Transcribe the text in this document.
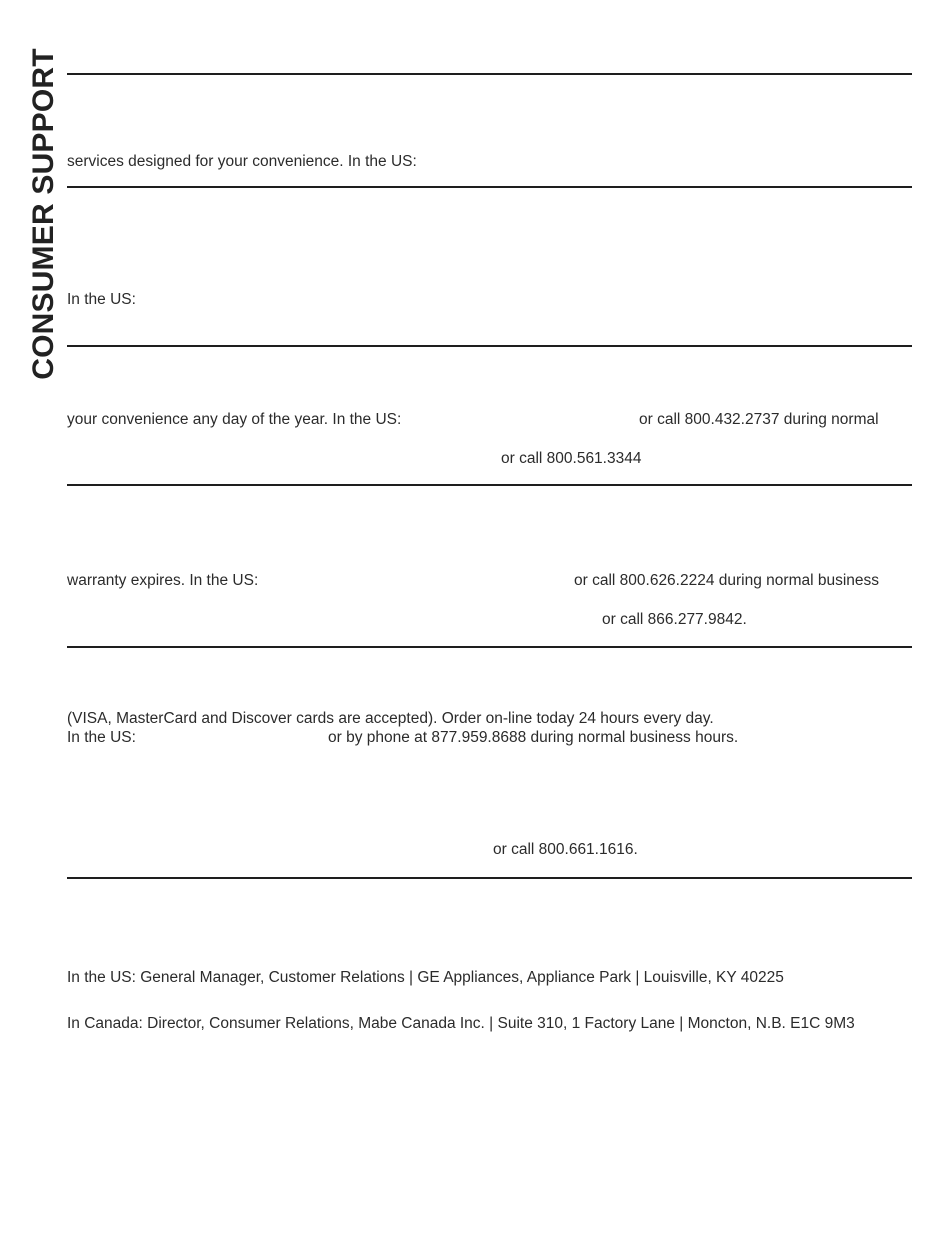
CONSUMER SUPPORT services designed for your convenience. In the US:
In the US:
your convenience any day of the year. In the US:	or call 800.432.2737 during normal
or call 800.561.3344
warranty expires. In the US:	or call 800.626.2224 during normal business
or call 866.277.9842.
(VISA, MasterCard and Discover cards are accepted). Order on-line today 24 hours every day.
In the US:	or by phone at 877.959.8688 during normal business hours.
or call 800.661.1616.
In the US: General Manager, Customer Relations | GE Appliances, Appliance Park | Louisville, KY 40225
In Canada: Director, Consumer Relations, Mabe Canada Inc. | Suite 310, 1 Factory Lane | Moncton, N.B. E1C 9M3
